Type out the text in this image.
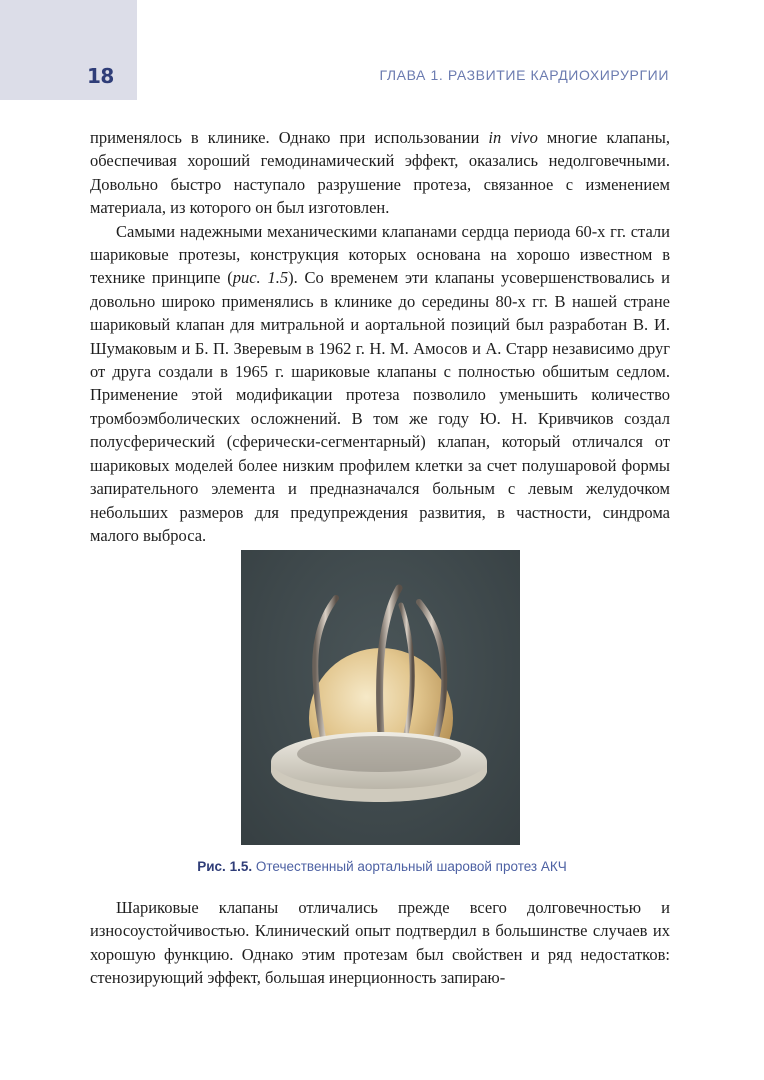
18	ГЛАВА 1. РАЗВИТИЕ КАРДИОХИРУРГИИ

применялось в клинике. Однако при использовании in vivo многие клапаны, обеспечивая хороший гемодинамический эффект, оказались недолговечными. Довольно быстро наступало разрушение протеза, связанное с изменением материала, из которого он был изготовлен.

Самыми надежными механическими клапанами сердца периода 60-х гг. стали шариковые протезы, конструкция которых основана на хорошо известном в технике принципе (рис. 1.5). Со временем эти клапаны усовершенствовались и довольно широко применялись в клинике до середины 80-х гг. В нашей стране шариковый клапан для митральной и аортальной позиций был разработан В. И. Шумаковым и Б. П. Зверевым в 1962 г. Н. М. Амосов и А. Старр независимо друг от друга создали в 1965 г. шариковые клапаны с полностью обшитым седлом. Применение этой модификации протеза позволило уменьшить количество тромбоэмболических осложнений. В том же году Ю. Н. Кривчиков создал полусферический (сферически-сегментарный) клапан, который отличался от шариковых моделей более низким профилем клетки за счет полушаровой формы запирательного элемента и предназначался больным с левым желудочком небольших размеров для предупреждения развития, в частности, синдрома малого выброса.

Рис. 1.5. Отечественный аортальный шаровой протез АКЧ

Шариковые клапаны отличались прежде всего долговечностью и износоустойчивостью. Клинический опыт подтвердил в большинстве случаев их хорошую функцию. Однако этим протезам был свойствен и ряд недостатков: стенозирующий эффект, большая инерционность запираю-
